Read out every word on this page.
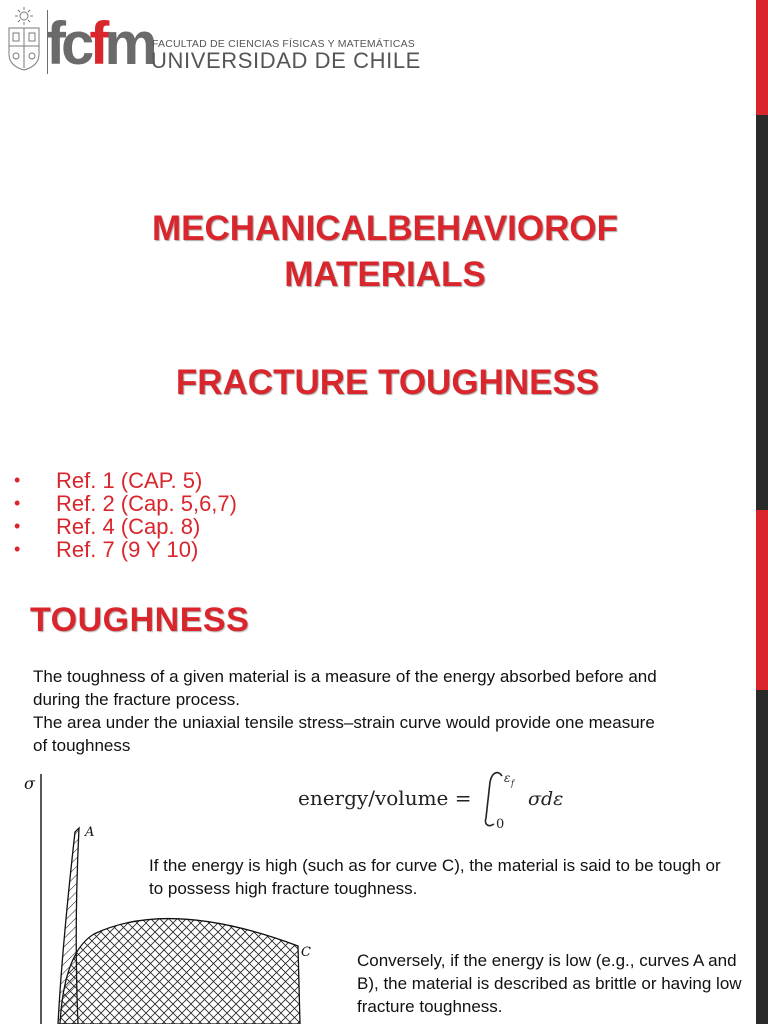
fcfm FACULTAD DE CIENCIAS FÍSICAS Y MATEMÁTICAS
UNIVERSIDAD DE CHILE
MECHANICALBEHAVIOROF
MATERIALS
FRACTURE TOUGHNESS
• Ref. 1 (CAP. 5)
• Ref. 2 (Cap. 5,6,7)
• Ref. 4 (Cap. 8)
• Ref. 7 (9 Y 10)
TOUGHNESS
The toughness of a given material is a measure of the energy absorbed before and during the fracture process.
The area under the uniaxial tensile stress–strain curve would provide one measure of toughness
energy/volume =
ε f
0
σdε
σ
A
C
If the energy is high (such as for curve C), the material is said to be tough or to possess high fracture toughness.
Conversely, if the energy is low (e.g., curves A and B), the material is described as brittle or having low fracture toughness.
